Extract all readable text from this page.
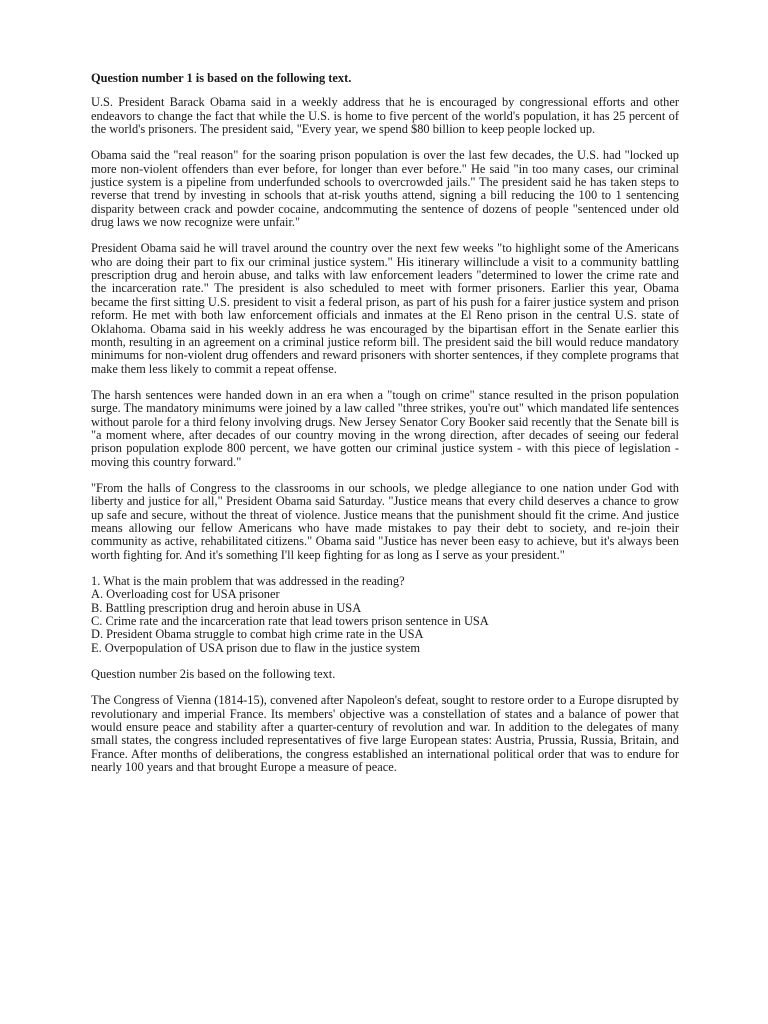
Question number 1 is based on the following text.

U.S. President Barack Obama said in a weekly address that he is encouraged by congressional efforts and other endeavors to change the fact that while the U.S. is home to five percent of the world's population, it has 25 percent of the world's prisoners. The president said, "Every year, we spend $80 billion to keep people locked up.

Obama said the "real reason" for the soaring prison population is over the last few decades, the U.S. had "locked up more non-violent offenders than ever before, for longer than ever before." He said "in too many cases, our criminal justice system is a pipeline from underfunded schools to overcrowded jails." The president said he has taken steps to reverse that trend by investing in schools that at-risk youths attend, signing a bill reducing the 100 to 1 sentencing disparity between crack and powder cocaine, andcommuting the sentence of dozens of people "sentenced under old drug laws we now recognize were unfair."

President Obama said he will travel around the country over the next few weeks "to highlight some of the Americans who are doing their part to fix our criminal justice system." His itinerary willinclude a visit to a community battling prescription drug and heroin abuse, and talks with law enforcement leaders "determined to lower the crime rate and the incarceration rate." The president is also scheduled to meet with former prisoners. Earlier this year, Obama became the first sitting U.S. president to visit a federal prison, as part of his push for a fairer justice system and prison reform. He met with both law enforcement officials and inmates at the El Reno prison in the central U.S. state of Oklahoma. Obama said in his weekly address he was encouraged by the bipartisan effort in the Senate earlier this month, resulting in an agreement on a criminal justice reform bill. The president said the bill would reduce mandatory minimums for non-violent drug offenders and reward prisoners with shorter sentences, if they complete programs that make them less likely to commit a repeat offense.

The harsh sentences were handed down in an era when a "tough on crime" stance resulted in the prison population surge. The mandatory minimums were joined by a law called "three strikes, you're out" which mandated life sentences without parole for a third felony involving drugs. New Jersey Senator Cory Booker said recently that the Senate bill is "a moment where, after decades of our country moving in the wrong direction, after decades of seeing our federal prison population explode 800 percent, we have gotten our criminal justice system - with this piece of legislation - moving this country forward."

"From the halls of Congress to the classrooms in our schools, we pledge allegiance to one nation under God with liberty and justice for all," President Obama said Saturday. "Justice means that every child deserves a chance to grow up safe and secure, without the threat of violence. Justice means that the punishment should fit the crime. And justice means allowing our fellow Americans who have made mistakes to pay their debt to society, and re-join their community as active, rehabilitated citizens." Obama said "Justice has never been easy to achieve, but it's always been worth fighting for. And it's something I'll keep fighting for as long as I serve as your president."

1. What is the main problem that was addressed in the reading?
A. Overloading cost for USA prisoner
B. Battling prescription drug and heroin abuse in USA
C. Crime rate and the incarceration rate that lead towers prison sentence in USA
D. President Obama struggle to combat high crime rate in the USA
E. Overpopulation of USA prison due to flaw in the justice system

Question number 2is based on the following text.

The Congress of Vienna (1814-15), convened after Napoleon's defeat, sought to restore order to a Europe disrupted by revolutionary and imperial France. Its members' objective was a constellation of states and a balance of power that would ensure peace and stability after a quarter-century of revolution and war. In addition to the delegates of many small states, the congress included representatives of five large European states: Austria, Prussia, Russia, Britain, and France. After months of deliberations, the congress established an international political order that was to endure for nearly 100 years and that brought Europe a measure of peace.
